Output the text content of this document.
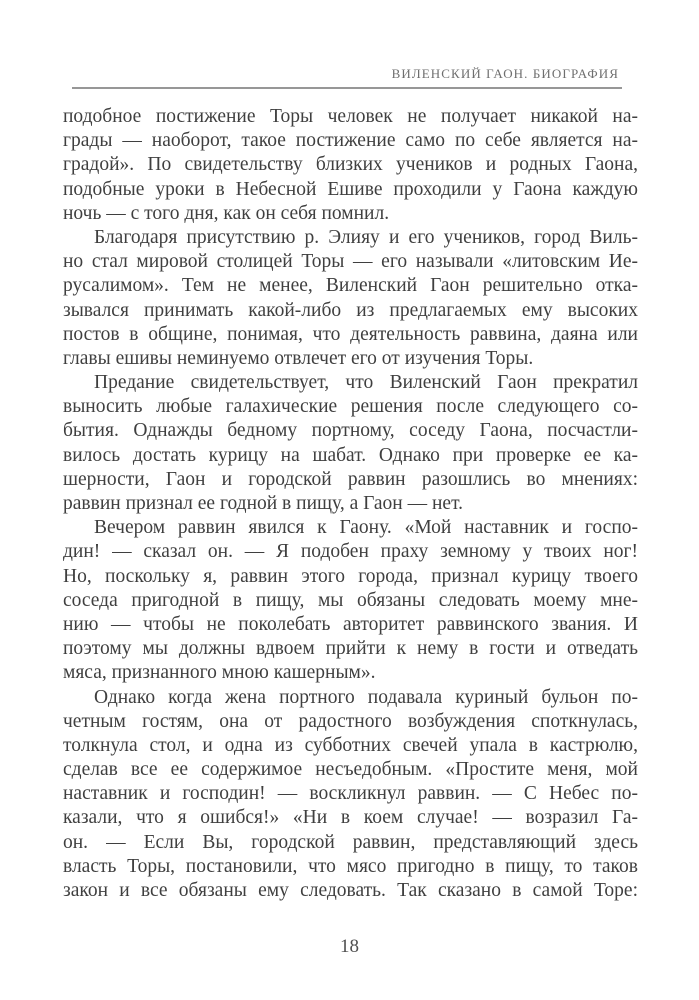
ВИЛЕНСКИЙ ГАОН. БИОГРАФИЯ
подобное постижение Торы человек не получает никакой на-
грады — наоборот, такое постижение само по себе является на-
градой». По свидетельству близких учеников и родных Гаона,
подобные уроки в Небесной Ешиве проходили у Гаона каждую
ночь — с того дня, как он себя помнил.
Благодаря присутствию р. Элияу и его учеников, город Виль-
но стал мировой столицей Торы — его называли «литовским Ие-
русалимом». Тем не менее, Виленский Гаон решительно отка-
зывался принимать какой-либо из предлагаемых ему высоких
постов в общине, понимая, что деятельность раввина, даяна или
главы ешивы неминуемо отвлечет его от изучения Торы.
Предание свидетельствует, что Виленский Гаон прекратил
выносить любые галахические решения после следующего со-
бытия. Однажды бедному портному, соседу Гаона, посчастли-
вилось достать курицу на шабат. Однако при проверке ее ка-
шерности, Гаон и городской раввин разошлись во мнениях:
раввин признал ее годной в пищу, а Гаон — нет.
Вечером раввин явился к Гаону. «Мой наставник и госпо-
дин! — сказал он. — Я подобен праху земному у твоих ног!
Но, поскольку я, раввин этого города, признал курицу твоего
соседа пригодной в пищу, мы обязаны следовать моему мне-
нию — чтобы не поколебать авторитет раввинского звания. И
поэтому мы должны вдвоем прийти к нему в гости и отведать
мяса, признанного мною кашерным».
Однако когда жена портного подавала куриный бульон по-
четным гостям, она от радостного возбуждения споткнулась,
толкнула стол, и одна из субботних свечей упала в кастрюлю,
сделав все ее содержимое несъедобным. «Простите меня, мой
наставник и господин! — воскликнул раввин. — С Небес по-
казали, что я ошибся!» «Ни в коем случае! — возразил Га-
он. — Если Вы, городской раввин, представляющий здесь
власть Торы, постановили, что мясо пригодно в пищу, то таков
закон и все обязаны ему следовать. Так сказано в самой Торе:
18
